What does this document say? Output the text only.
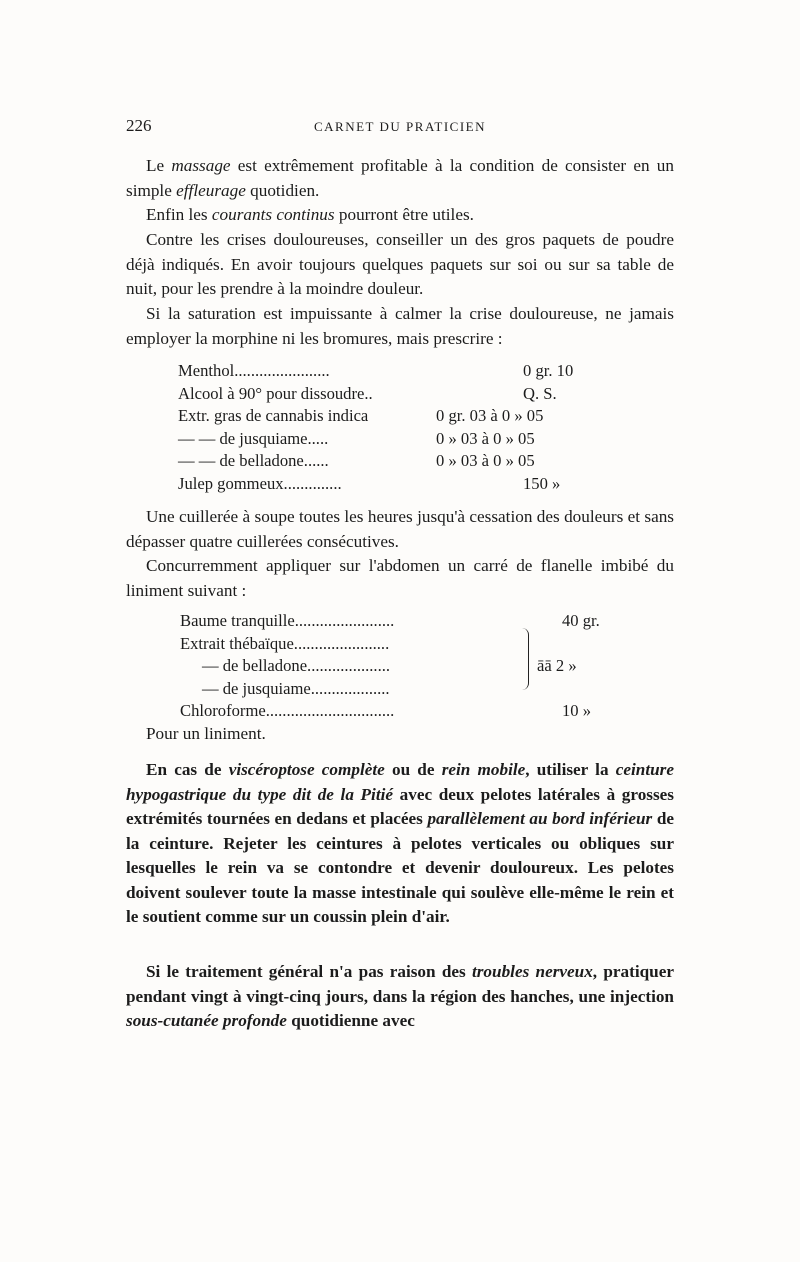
226	CARNET DU PRATICIEN

Le massage est extrêmement profitable à la condition de consister en un simple effleurage quotidien.

Enfin les courants continus pourront être utiles.

Contre les crises douloureuses, conseiller un des gros paquets de poudre déjà indiqués. En avoir toujours quelques paquets sur soi ou sur sa table de nuit, pour les prendre à la moindre douleur.

Si la saturation est impuissante à calmer la crise douloureuse, ne jamais employer la morphine ni les bromures, mais prescrire :

Menthol.......................	0 gr. 10
Alcool à 90° pour dissoudre..	Q. S.
Extr. gras de cannabis indica	0 gr. 03 à 0 » 05
— — de jusquiame.....	0 » 03 à 0 » 05
— — de belladone......	0 » 03 à 0 » 05
Julep gommeux..............	150 »

Une cuillerée à soupe toutes les heures jusqu'à cessation des douleurs et sans dépasser quatre cuillerées consécutives.

Concurremment appliquer sur l'abdomen un carré de flanelle imbibé du liniment suivant :

Baume tranquille........................	40 gr.
Extrait thébaïque.......................
— de belladone....................	āā 2 »
— de jusquiame...................
Chloroforme...............................	10 »

Pour un liniment.

En cas de viscéroptose complète ou de rein mobile, utiliser la ceinture hypogastrique du type dit de la Pitié avec deux pelotes latérales à grosses extrémités tournées en dedans et placées parallèlement au bord inférieur de la ceinture. Rejeter les ceintures à pelotes verticales ou obliques sur lesquelles le rein va se contondre et devenir douloureux. Les pelotes doivent soulever toute la masse intestinale qui soulève elle-même le rein et le soutient comme sur un coussin plein d'air.

Si le traitement général n'a pas raison des troubles nerveux, pratiquer pendant vingt à vingt-cinq jours, dans la région des hanches, une injection sous-cutanée profonde quotidienne avec
